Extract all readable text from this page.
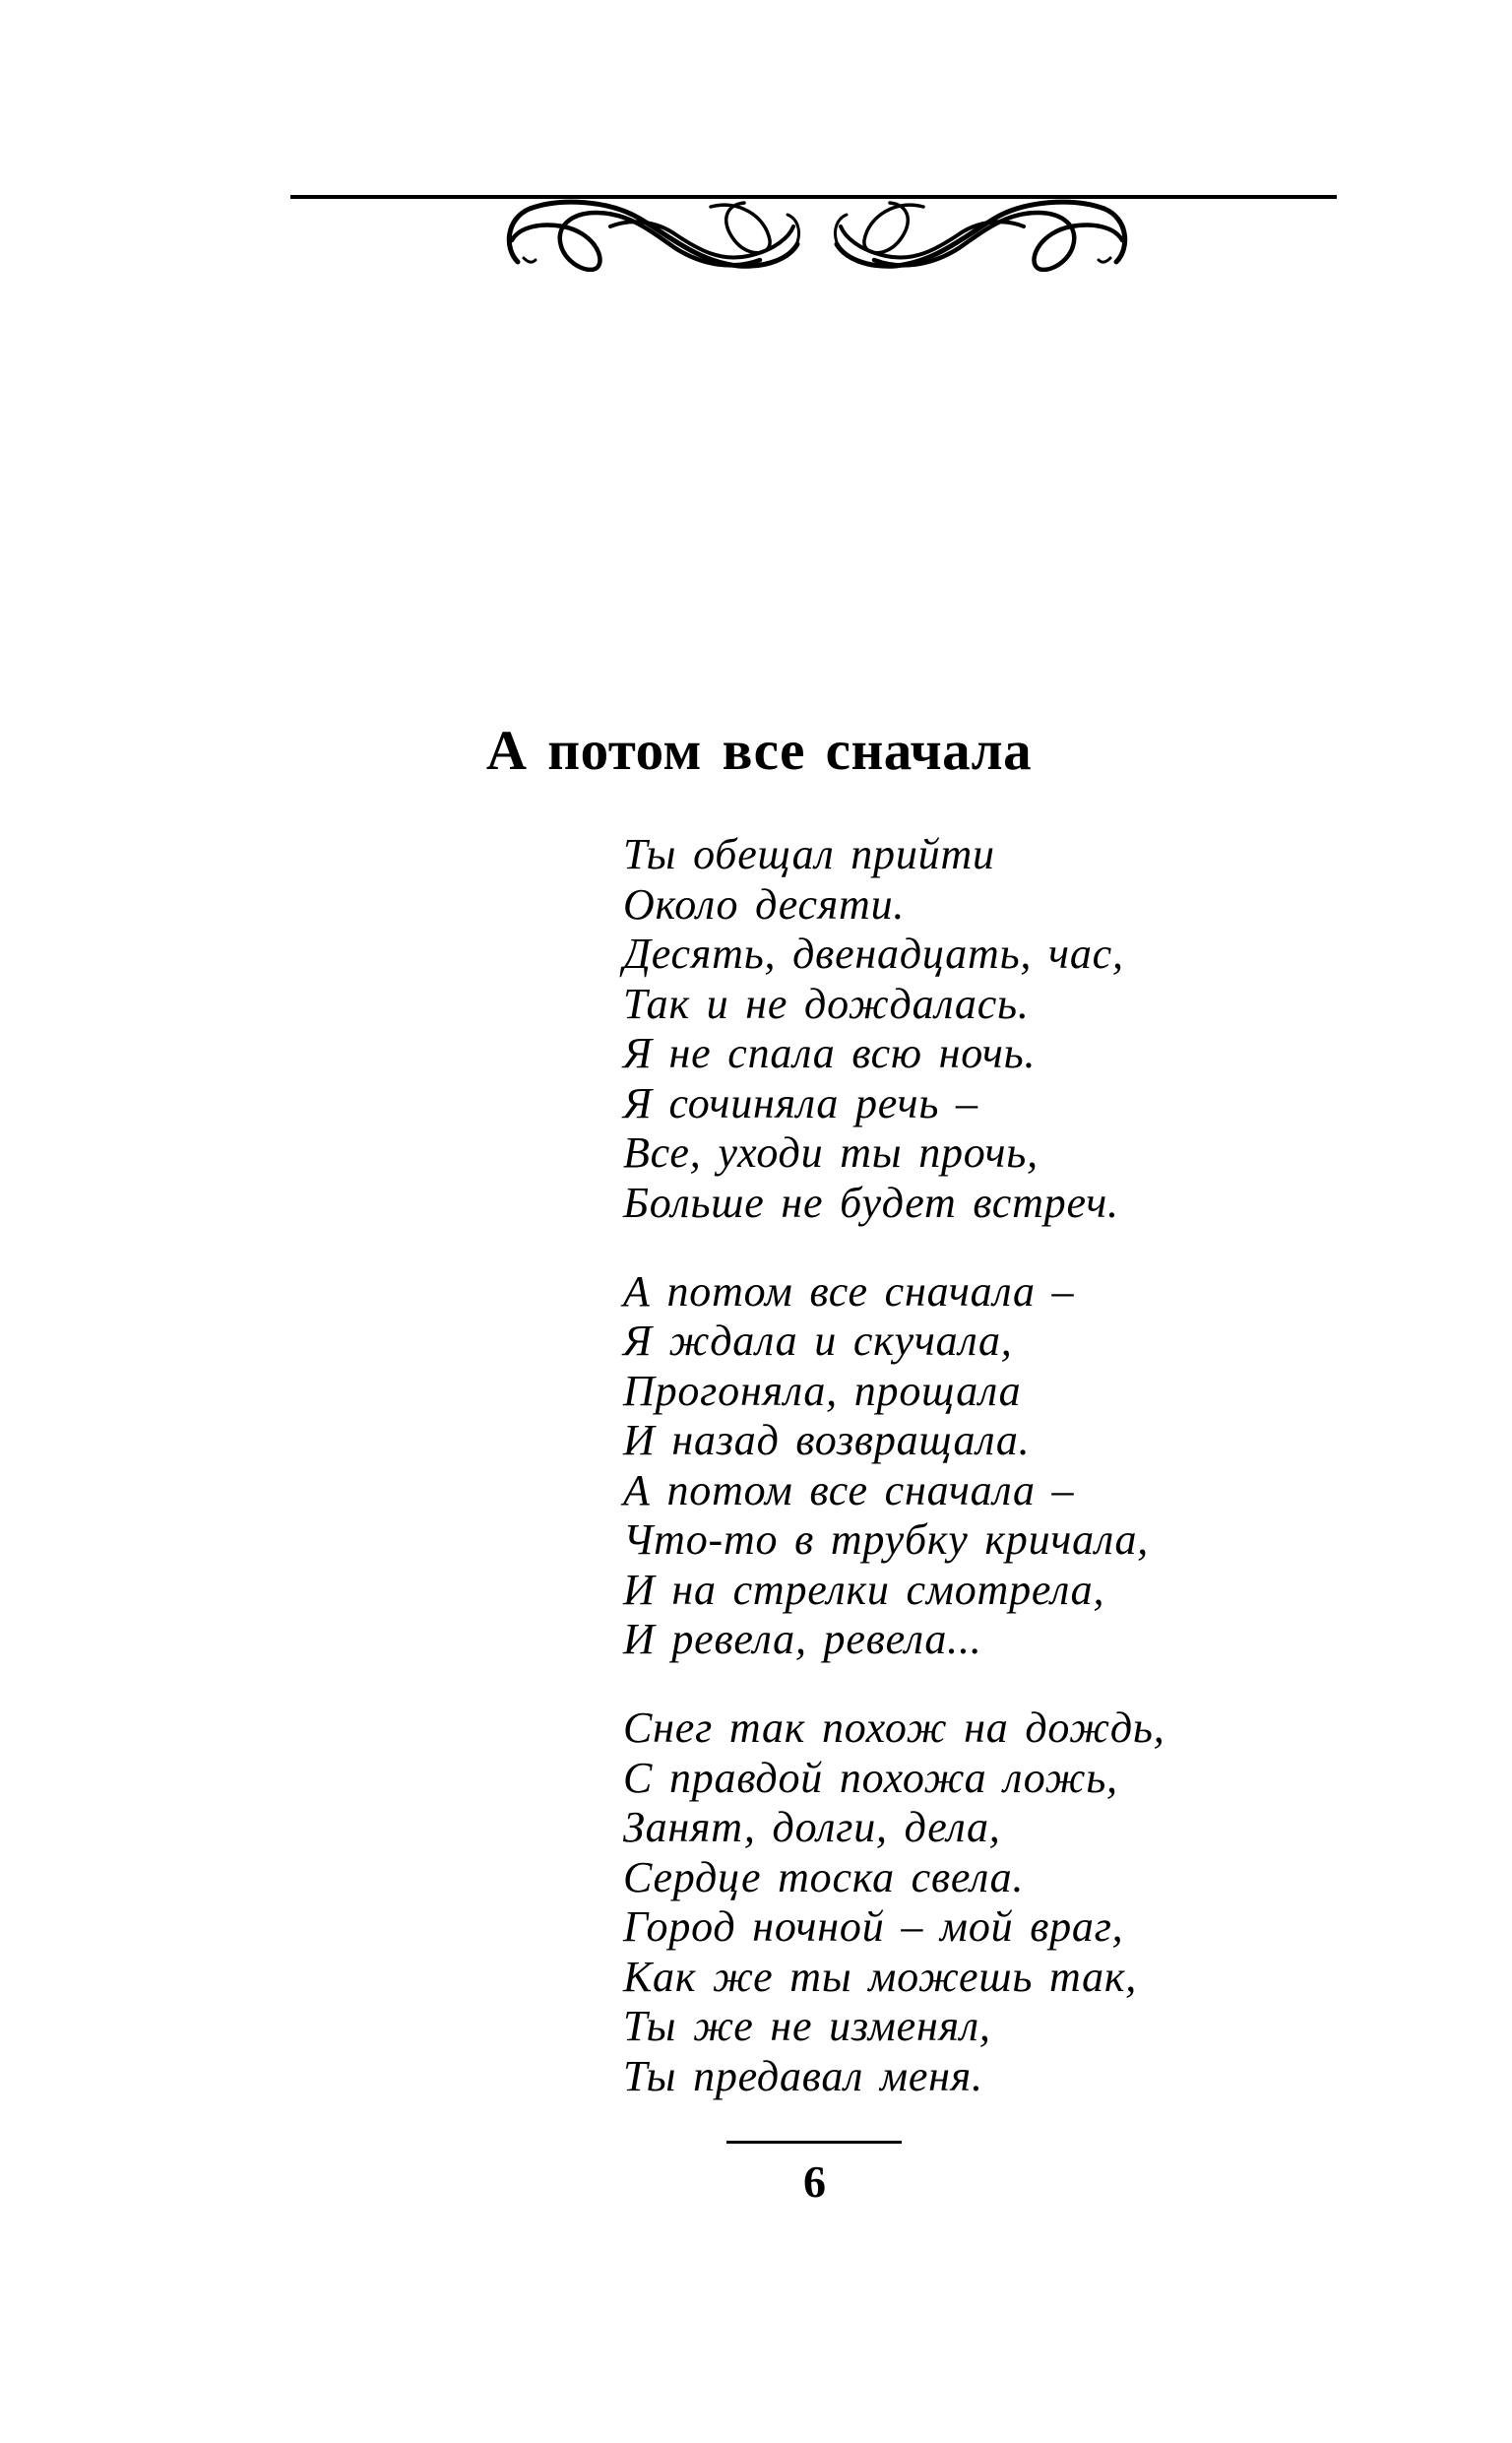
А потом все сначала
Ты обещал прийти
Около десяти.
Десять, двенадцать, час,
Так и не дождалась.
Я не спала всю ночь.
Я сочиняла речь –
Все, уходи ты прочь,
Больше не будет встреч.
А потом все сначала –
Я ждала и скучала,
Прогоняла, прощала
И назад возвращала.
А потом все сначала –
Что-то в трубку кричала,
И на стрелки смотрела,
И ревела, ревела...
Снег так похож на дождь,
С правдой похожа ложь,
Занят, долги, дела,
Сердце тоска свела.
Город ночной – мой враг,
Как же ты можешь так,
Ты же не изменял,
Ты предавал меня.
6
